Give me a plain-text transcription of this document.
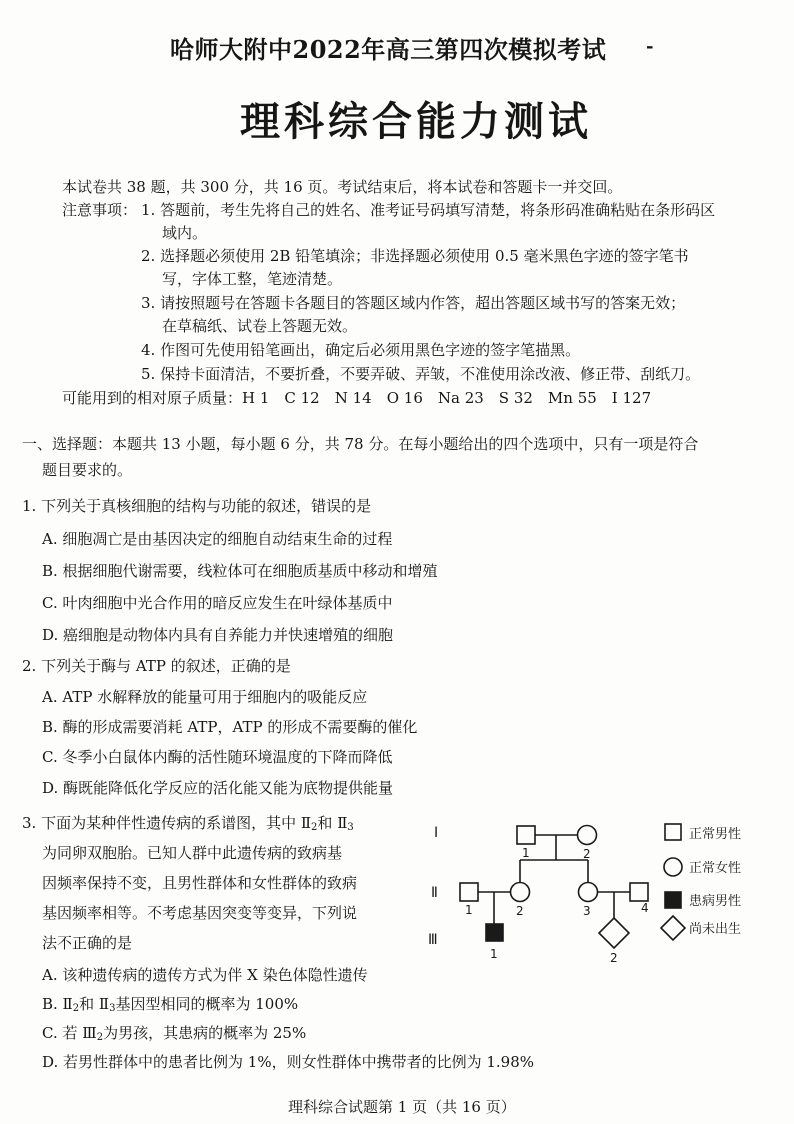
哈师大附中2022年高三第四次模拟考试 -
理科综合能力测试
本试卷共 38 题，共 300 分，共 16 页。考试结束后，将本试卷和答题卡一并交回。
注意事项： 1. 答题前，考生先将自己的姓名、准考证号码填写清楚，将条形码准确粘贴在条形码区
域内。
2. 选择题必须使用 2B 铅笔填涂；非选择题必须使用 0.5 毫米黑色字迹的签字笔书
写，字体工整，笔迹清楚。
3. 请按照题号在答题卡各题目的答题区域内作答，超出答题区域书写的答案无效；
在草稿纸、试卷上答题无效。
4. 作图可先使用铅笔画出，确定后必须用黑色字迹的签字笔描黑。
5. 保持卡面清洁，不要折叠，不要弄破、弄皱，不准使用涂改液、修正带、刮纸刀。
可能用到的相对原子质量：H 1　C 12　N 14　O 16　Na 23　S 32　Mn 55　I 127
一、选择题：本题共 13 小题，每小题 6 分，共 78 分。在每小题给出的四个选项中，只有一项是符合
题目要求的。
1. 下列关于真核细胞的结构与功能的叙述，错误的是
A. 细胞凋亡是由基因决定的细胞自动结束生命的过程
B. 根据细胞代谢需要，线粒体可在细胞质基质中移动和增殖
C. 叶肉细胞中光合作用的暗反应发生在叶绿体基质中
D. 癌细胞是动物体内具有自养能力并快速增殖的细胞
2. 下列关于酶与 ATP 的叙述，正确的是
A. ATP 水解释放的能量可用于细胞内的吸能反应
B. 酶的形成需要消耗 ATP，ATP 的形成不需要酶的催化
C. 冬季小白鼠体内酶的活性随环境温度的下降而降低
D. 酶既能降低化学反应的活化能又能为底物提供能量
3. 下面为某种伴性遗传病的系谱图，其中 $Ⅱ_2$和 $Ⅱ_3$
为同卵双胞胎。已知人群中此遗传病的致病基
因频率保持不变，且男性群体和女性群体的致病
基因频率相等。不考虑基因突变等变异，下列说
法不正确的是
A. 该种遗传病的遗传方式为伴 X 染色体隐性遗传
B. $Ⅱ_2$和 $Ⅱ_3$基因型相同的概率为 100%
C. 若 $Ⅲ_2$为男孩，其患病的概率为 25%
D. 若男性群体中的患者比例为 1%，则女性群体中携带者的比例为 1.98%
Ⅰ
Ⅱ
Ⅲ
1	2
1	2	3	4
1	2
正常男性
正常女性
患病男性
尚未出生
理科综合试题第 1 页（共 16 页）
